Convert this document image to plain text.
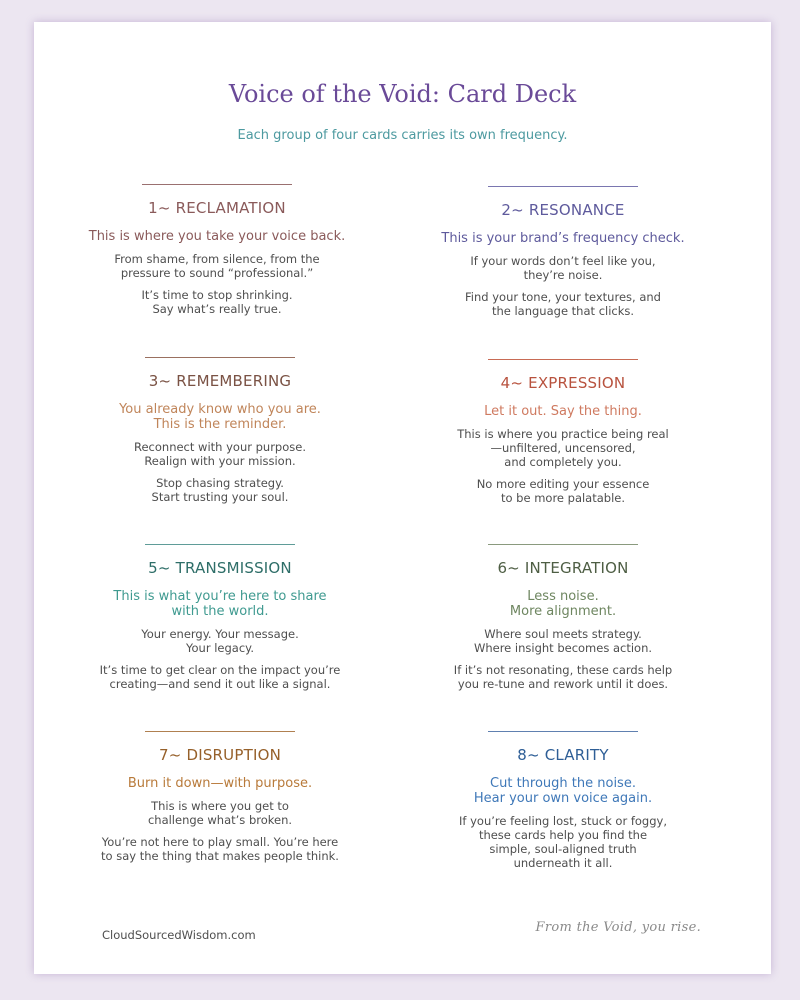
Voice of the Void: Card Deck
Each group of four cards carries its own frequency.
1~ RECLAMATION
This is where you take your voice back.
From shame, from silence, from the
pressure to sound “professional.”
It’s time to stop shrinking.
Say what’s really true.
2~ RESONANCE
This is your brand’s frequency check.
If your words don’t feel like you,
they’re noise.
Find your tone, your textures, and
the language that clicks.
3~ REMEMBERING
You already know who you are.
This is the reminder.
Reconnect with your purpose.
Realign with your mission.
Stop chasing strategy.
Start trusting your soul.
4~ EXPRESSION
Let it out. Say the thing.
This is where you practice being real
—unfiltered, uncensored,
and completely you.
No more editing your essence
to be more palatable.
5~ TRANSMISSION
This is what you’re here to share
with the world.
Your energy. Your message.
Your legacy.
It’s time to get clear on the impact you’re
creating—and send it out like a signal.
6~ INTEGRATION
Less noise.
More alignment.
Where soul meets strategy.
Where insight becomes action.
If it’s not resonating, these cards help
you re-tune and rework until it does.
7~ DISRUPTION
Burn it down—with purpose.
This is where you get to
challenge what’s broken.
You’re not here to play small. You’re here
to say the thing that makes people think.
8~ CLARITY
Cut through the noise.
Hear your own voice again.
If you’re feeling lost, stuck or foggy,
these cards help you find the
simple, soul-aligned truth
underneath it all.
CloudSourcedWisdom.com	From the Void, you rise.
